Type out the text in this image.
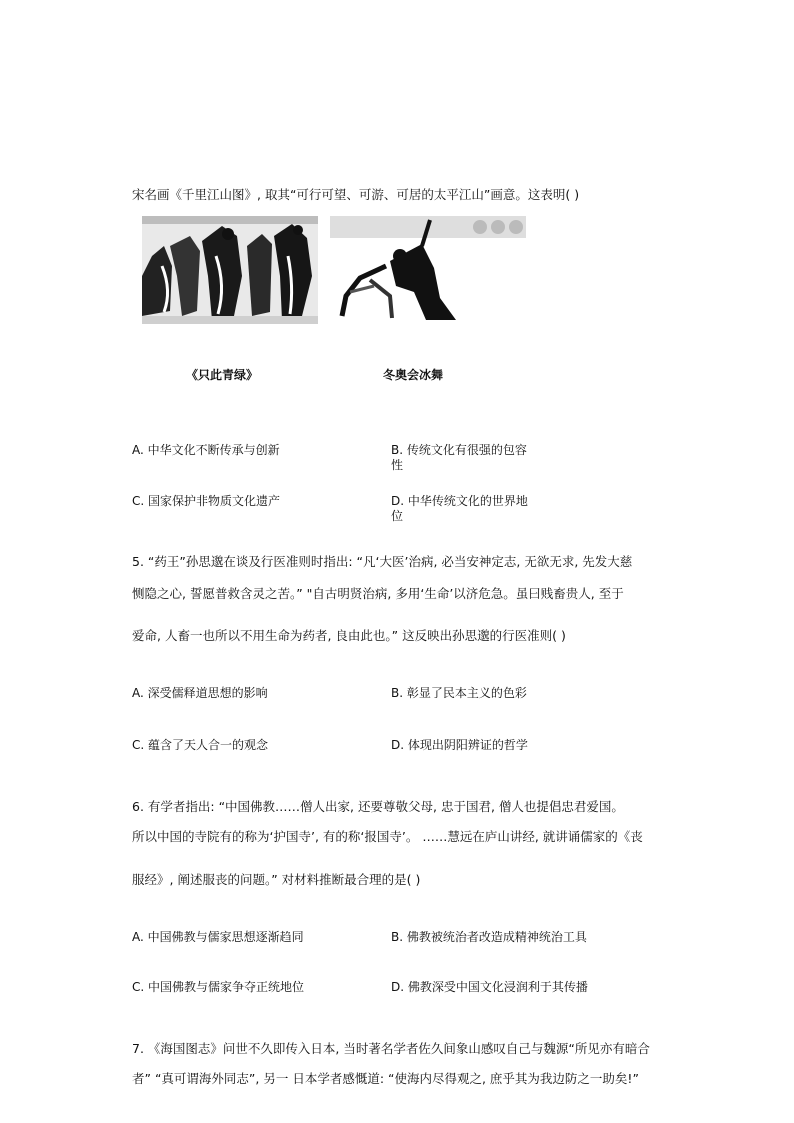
宋名画《千里江山图》, 取其“可行可望、可游、可居的太平江山”画意。这表明( )
《只此青绿》	冬奥会冰舞
A. 中华文化不断传承与创新	B. 传统文化有很强的包容性
C. 国家保护非物质文化遗产	D. 中华传统文化的世界地位
5. “药王”孙思邈在谈及行医准则时指出: “凡‘大医’治病, 必当安神定志, 无欲无求, 先发大慈
恻隐之心, 誓愿普救含灵之苦。” "自古明贤治病, 多用‘生命’以济危急。虽曰贱畜贵人, 至于
爱命, 人畜一也所以不用生命为药者, 良由此也。” 这反映出孙思邈的行医准则( )
A. 深受儒释道思想的影响	B. 彰显了民本主义的色彩
C. 蕴含了天人合一的观念	D. 体现出阴阳辨证的哲学
6. 有学者指出: “中国佛教……僧人出家, 还要尊敬父母, 忠于国君, 僧人也提倡忠君爱国。
所以中国的寺院有的称为‘护国寺’, 有的称‘报国寺’。 ……慧远在庐山讲经, 就讲诵儒家的《丧
服经》, 阐述服丧的问题。” 对材料推断最合理的是( )
A. 中国佛教与儒家思想逐渐趋同	B. 佛教被统治者改造成精神统治工具
C. 中国佛教与儒家争夺正统地位	D. 佛教深受中国文化浸润利于其传播
7. 《海国图志》问世不久即传入日本, 当时著名学者佐久间象山感叹自己与魏源“所见亦有暗合
者” “真可谓海外同志”, 另一 日本学者感慨道: “使海内尽得观之, 庶乎其为我边防之一助矣!”
